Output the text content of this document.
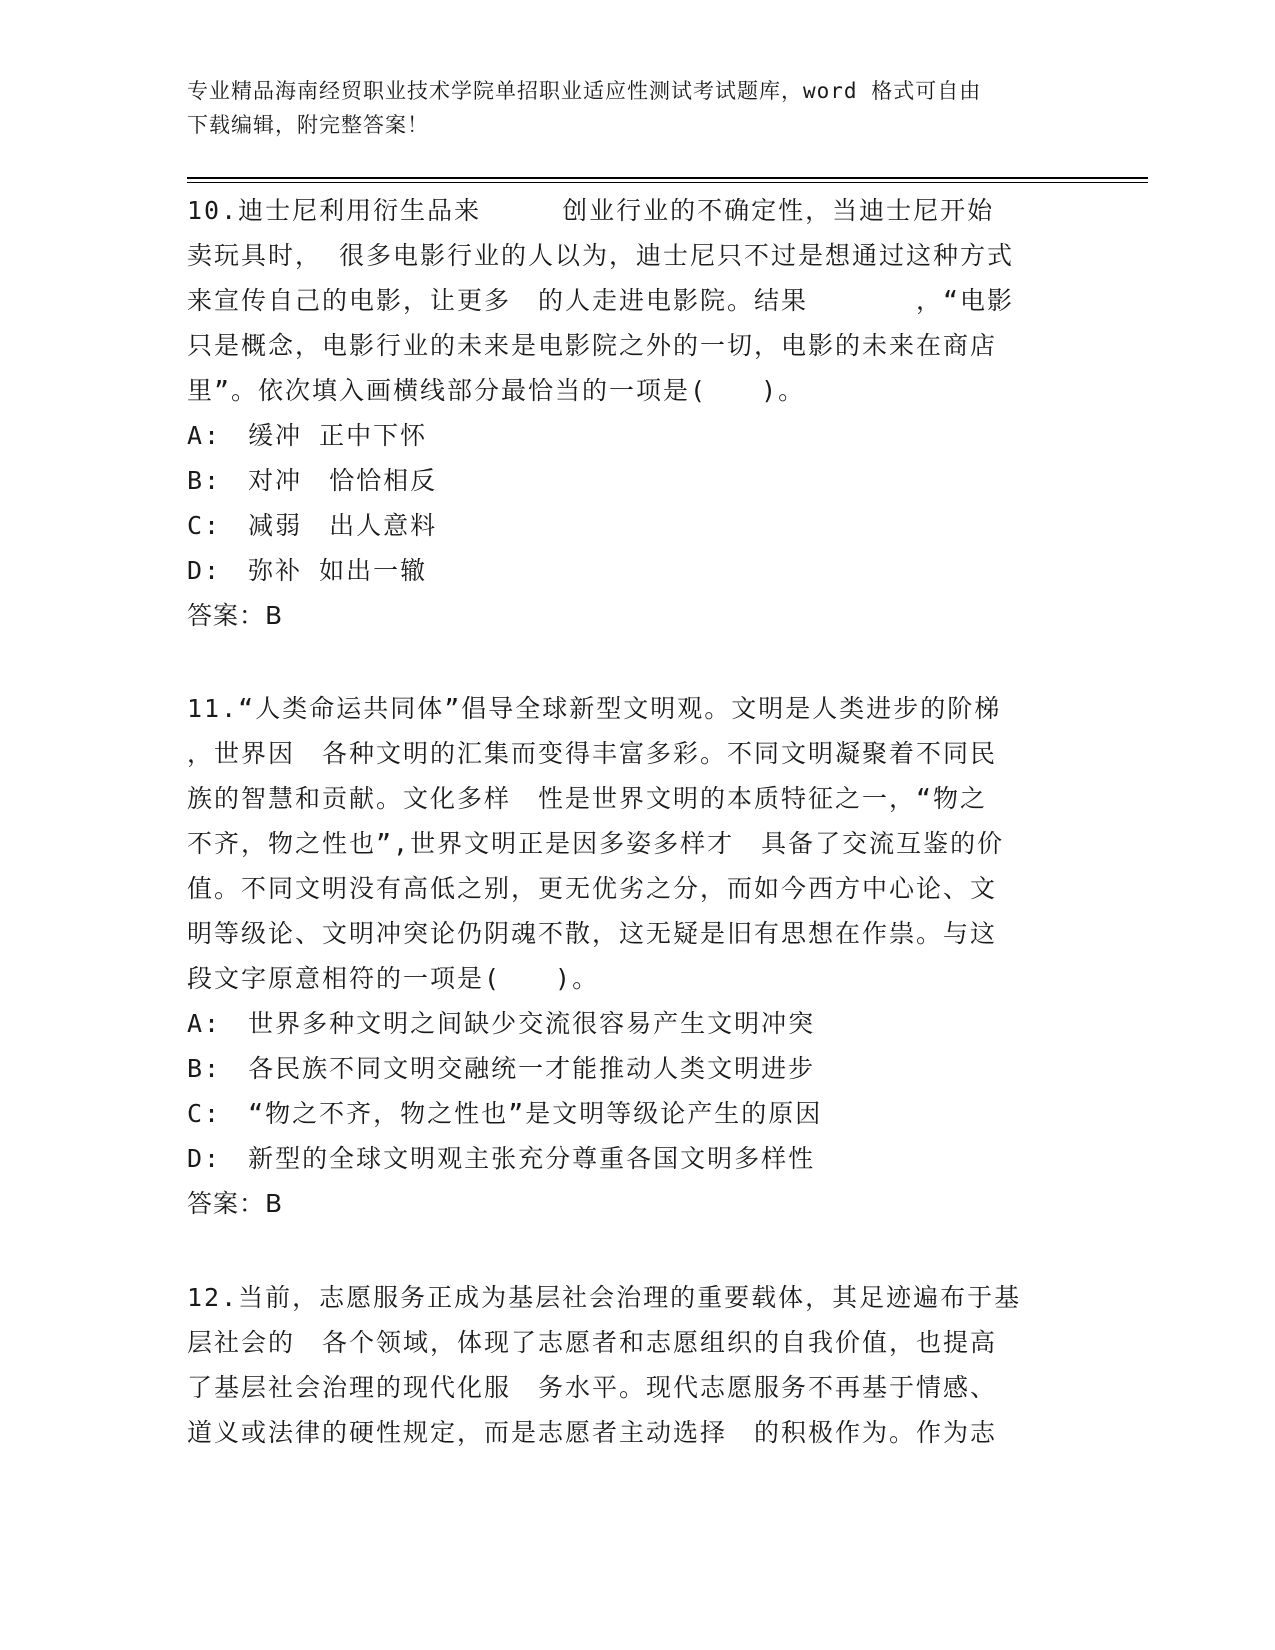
专业精品海南经贸职业技术学院单招职业适应性测试考试题库，word 格式可自由
下载编辑，附完整答案！
10.迪士尼利用衍生品来　　　创业行业的不确定性，当迪士尼开始
卖玩具时， 很多电影行业的人以为，迪士尼只不过是想通过这种方式
来宣传自己的电影，让更多　的人走进电影院。结果　　　　，“电影
只是概念，电影行业的未来是电影院之外的一切，电影的未来在商店
里”。依次填入画横线部分最恰当的一项是(　　)。
A:　缓冲 正中下怀
B:　对冲　恰恰相反
C:　减弱　出人意料
D:　弥补 如出一辙
答案：B
11.“人类命运共同体”倡导全球新型文明观。文明是人类进步的阶梯
，世界因　各种文明的汇集而变得丰富多彩。不同文明凝聚着不同民
族的智慧和贡献。文化多样　性是世界文明的本质特征之一，“物之
不齐，物之性也”,世界文明正是因多姿多样才　具备了交流互鉴的价
值。不同文明没有高低之别，更无优劣之分，而如今西方中心论、文
明等级论、文明冲突论仍阴魂不散，这无疑是旧有思想在作祟。与这
段文字原意相符的一项是(　　)。
A:　世界多种文明之间缺少交流很容易产生文明冲突
B:　各民族不同文明交融统一才能推动人类文明进步
C:　“物之不齐，物之性也”是文明等级论产生的原因
D:　新型的全球文明观主张充分尊重各国文明多样性
答案：B
12.当前，志愿服务正成为基层社会治理的重要载体，其足迹遍布于基
层社会的　各个领域，体现了志愿者和志愿组织的自我价值，也提高
了基层社会治理的现代化服　务水平。现代志愿服务不再基于情感、
道义或法律的硬性规定，而是志愿者主动选择　的积极作为。作为志
